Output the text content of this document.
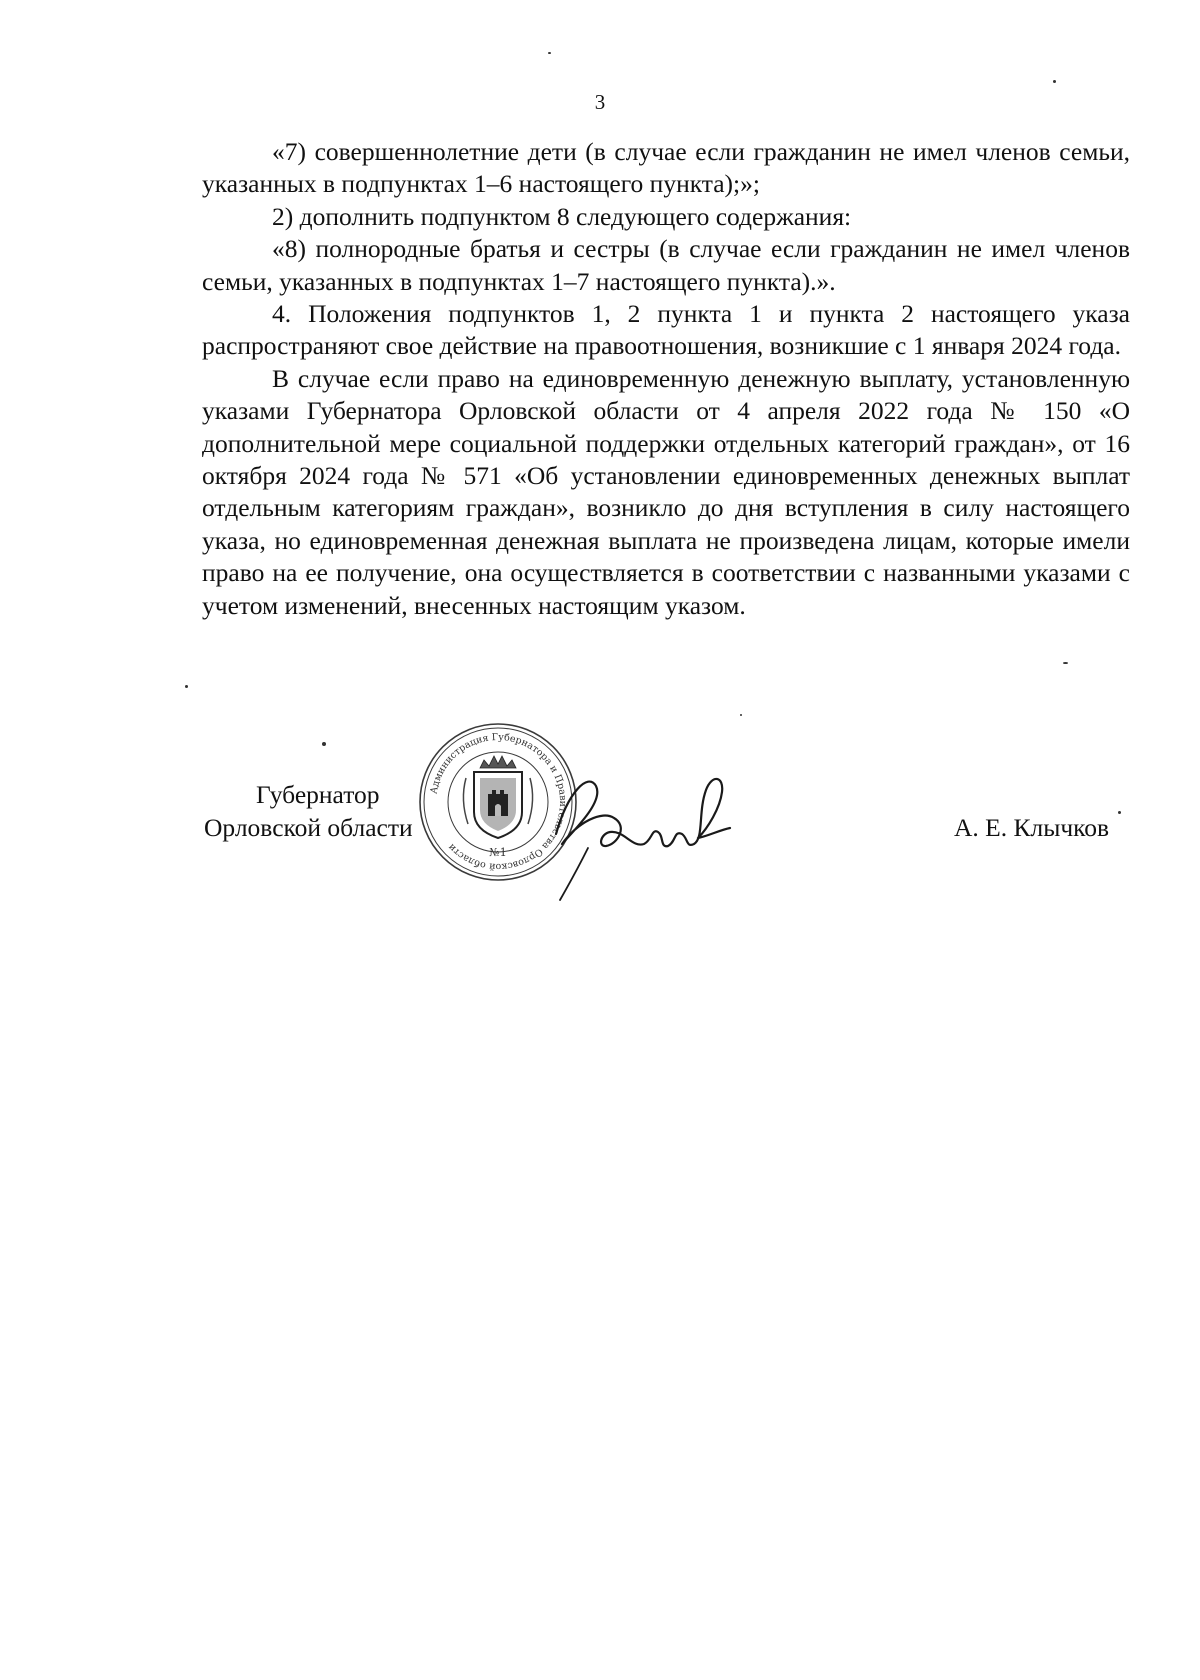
3

«7) совершеннолетние дети (в случае если гражданин не имел членов семьи, указанных в подпунктах 1–6 настоящего пункта);»;

2) дополнить подпунктом 8 следующего содержания:

«8) полнородные братья и сестры (в случае если гражданин не имел членов семьи, указанных в подпунктах 1–7 настоящего пункта).».

4. Положения подпунктов 1, 2 пункта 1 и пункта 2 настоящего указа распространяют свое действие на правоотношения, возникшие с 1 января 2024 года.

В случае если право на единовременную денежную выплату, установленную указами Губернатора Орловской области от 4 апреля 2022 года № 150 «О дополнительной мере социальной поддержки отдельных категорий граждан», от 16 октября 2024 года № 571 «Об установлении единовременных денежных выплат отдельным категориям граждан», возникло до дня вступления в силу настоящего указа, но единовременная денежная выплата не произведена лицам, которые имели право на ее получение, она осуществляется в соответствии с названными указами с учетом изменений, внесенных настоящим указом.

Губернатор
Орловской области	А. Е. Клычков
Администрация Губернатора и Правительства Орловской области	№1
